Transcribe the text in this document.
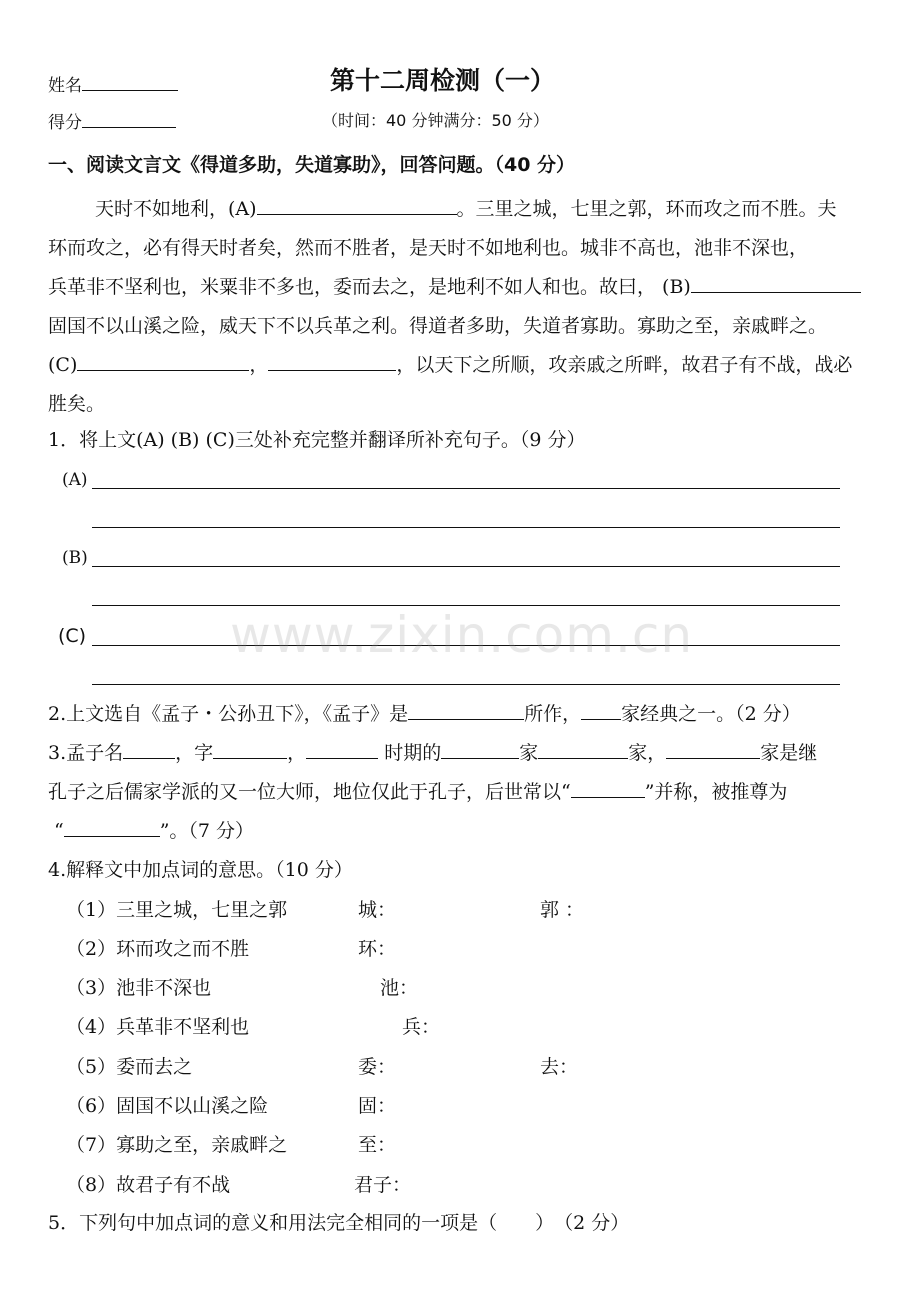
姓名	第十二周检测（一）
得分	（时间：40 分钟满分：50 分）
一、阅读文言文《得道多助，失道寡助》，回答问题。（40 分）
天时不如地利，(A)	。三里之城，七里之郭，环而攻之而不胜。夫
环而攻之，必有得天时者矣，然而不胜者，是天时不如地利也。城非不高也，池非不深也，
兵革非不坚利也，米粟非不多也，委而去之，是地利不如人和也。故曰， (B)
固国不以山溪之险，威天下不以兵革之利。得道者多助，失道者寡助。寡助之至，亲戚畔之。
(C)	，	，以天下之所顺，攻亲戚之所畔，故君子有不战，战必
胜矣。
1．将上文(A) (B) (C)三处补充完整并翻译所补充句子。（9 分）
(A)
(B)
(C)	www.zixin.com.cn
2.上文选自《孟子・公孙丑下》，《孟子》是	所作， 家经典之一。（2 分）
3.孟子名	，字	，	时期的	家	家，	家是继
孔子之后儒家学派的又一位大师，地位仅此于孔子，后世常以“	”并称，被推尊为
“	”。（7 分）
4.解释文中加点词的意思。（10 分）
（1）三里之城，七里之郭	城：	郭 ：
（2）环而攻之而不胜	环：
（3）池非不深也	池：
（4）兵革非不坚利也	兵：
（5）委而去之	委：	去：
（6）固国不以山溪之险	固：
（7）寡助之至，亲戚畔之	至：
（8）故君子有不战	君子：
5．下列句中加点词的意义和用法完全相同的一项是（　　）　（2 分）
